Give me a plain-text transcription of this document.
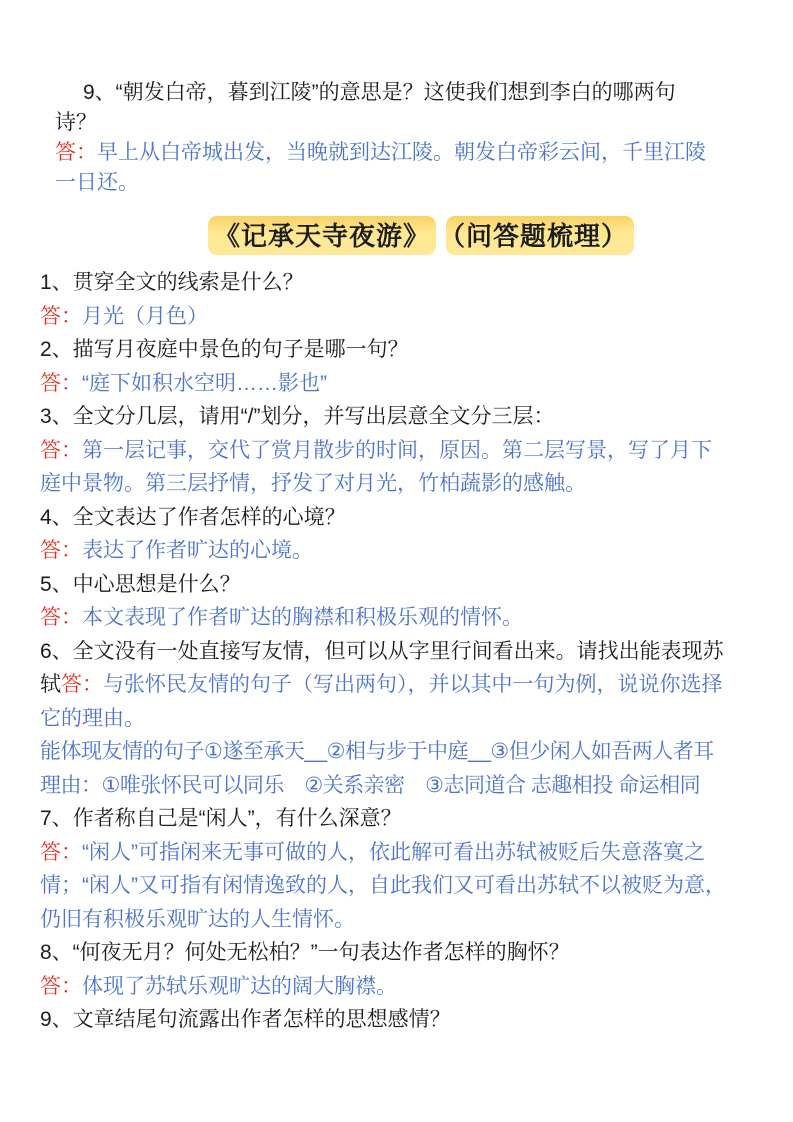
9、“朝发白帝，暮到江陵”的意思是？这使我们想到李白的哪两句诗？

答：早上从白帝城出发，当晚就到达江陵。朝发白帝彩云间，千里江陵一日还。

《记承天寺夜游》 （问答题梳理）

1、贯穿全文的线索是什么？

答：月光（月色）

2、描写月夜庭中景色的句子是哪一句？

答：“庭下如积水空明……影也”

3、全文分几层，请用“/”划分，并写出层意全文分三层：

答：第一层记事，交代了赏月散步的时间，原因。第二层写景，写了月下庭中景物。第三层抒情，抒发了对月光，竹柏蔬影的感触。

4、全文表达了作者怎样的心境？

答：表达了作者旷达的心境。

5、中心思想是什么？

答：本文表现了作者旷达的胸襟和积极乐观的情怀。

6、全文没有一处直接写友情，但可以从字里行间看出来。请找出能表现苏轼答：与张怀民友情的句子（写出两句），并以其中一句为例，说说你选择它的理由。

能体现友情的句子①遂至承天__②相与步于中庭__③但少闲人如吾两人者耳

理由：①唯张怀民可以同乐　②关系亲密　③志同道合 志趣相投 命运相同

7、作者称自己是“闲人”，有什么深意？

答：“闲人”可指闲来无事可做的人，依此解可看出苏轼被贬后失意落寞之情；“闲人”又可指有闲情逸致的人，自此我们又可看出苏轼不以被贬为意，仍旧有积极乐观旷达的人生情怀。

8、“何夜无月？何处无松柏？”一句表达作者怎样的胸怀？

答：体现了苏轼乐观旷达的阔大胸襟。

9、文章结尾句流露出作者怎样的思想感情？
